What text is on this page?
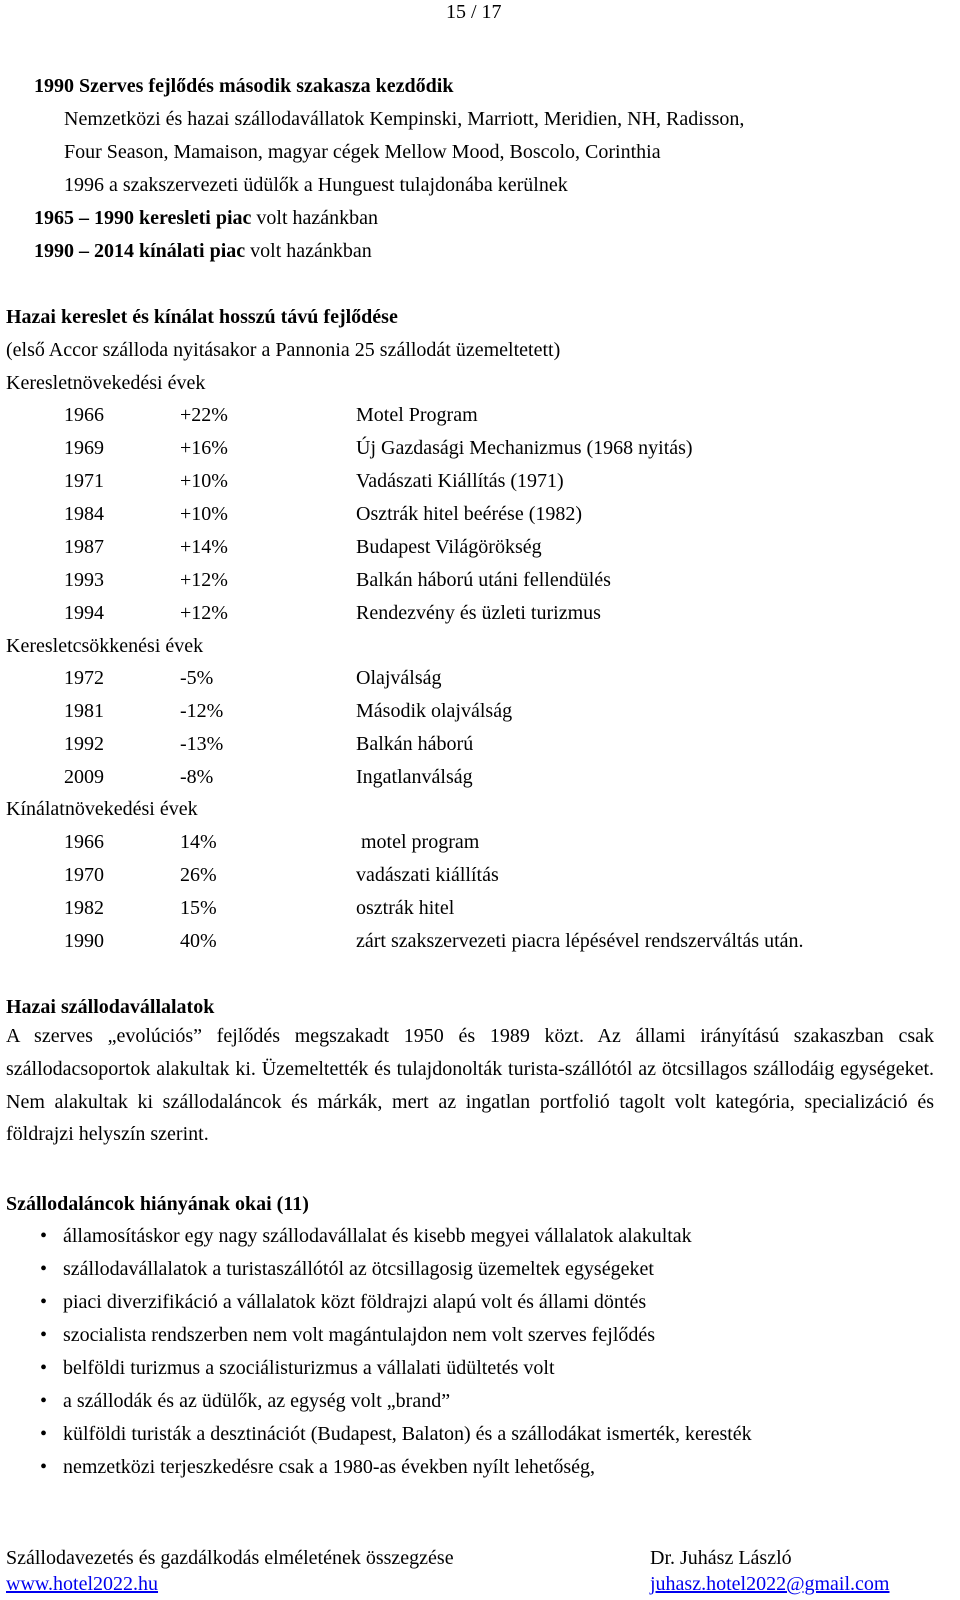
15 / 17
1990 Szerves fejlődés második szakasza kezdődik
Nemzetközi és hazai szállodavállatok Kempinski, Marriott, Meridien, NH, Radisson,
Four Season, Mamaison, magyar cégek Mellow Mood, Boscolo, Corinthia
1996 a szakszervezeti üdülők a Hunguest tulajdonába kerülnek
1965 – 1990 keresleti piac volt hazánkban
1990 – 2014 kínálati piac volt hazánkban
Hazai kereslet és kínálat hosszú távú fejlődése
(első Accor szálloda nyitásakor a Pannonia 25 szállodát üzemeltetett)
Keresletnövekedési évek
1966	+22%	Motel Program
1969	+16%	Új Gazdasági Mechanizmus (1968 nyitás)
1971	+10%	Vadászati Kiállítás (1971)
1984	+10%	Osztrák hitel beérése (1982)
1987	+14%	Budapest Világörökség
1993	+12%	Balkán háború utáni fellendülés
1994	+12%	Rendezvény és üzleti turizmus
Keresletcsökkenési évek
1972	-5%	Olajválság
1981	-12%	Második olajválság
1992	-13%	Balkán háború
2009	-8%	Ingatlanválság
Kínálatnövekedési évek
1966	14%	motel program
1970	26%	vadászati kiállítás
1982	15%	osztrák hitel
1990	40%	zárt szakszervezeti piacra lépésével rendszerváltás után.
Hazai szállodavállalatok
A szerves „evolúciós” fejlődés megszakadt 1950 és 1989 közt. Az állami irányítású szakaszban csak szállodacsoportok alakultak ki. Üzemeltették és tulajdonolták turista-szállótól az ötcsillagos szállodáig egységeket. Nem alakultak ki szállodaláncok és márkák, mert az ingatlan portfolió tagolt volt kategória, specializáció és földrajzi helyszín szerint.
Szállodaláncok hiányának okai (11)
• államosításkor egy nagy szállodavállalat és kisebb megyei vállalatok alakultak
• szállodavállalatok a turistaszállótól az ötcsillagosig üzemeltek egységeket
• piaci diverzifikáció a vállalatok közt földrajzi alapú volt és állami döntés
• szocialista rendszerben nem volt magántulajdon nem volt szerves fejlődés
• belföldi turizmus a szociálisturizmus a vállalati üdültetés volt
• a szállodák és az üdülők, az egység volt „brand”
• külföldi turisták a desztinációt (Budapest, Balaton) és a szállodákat ismerték, keresték
• nemzetközi terjeszkedésre csak a 1980-as években nyílt lehetőség,
Szállodavezetés és gazdálkodás elméletének összegzése	Dr. Juhász László
www.hotel2022.hu	juhasz.hotel2022@gmail.com
